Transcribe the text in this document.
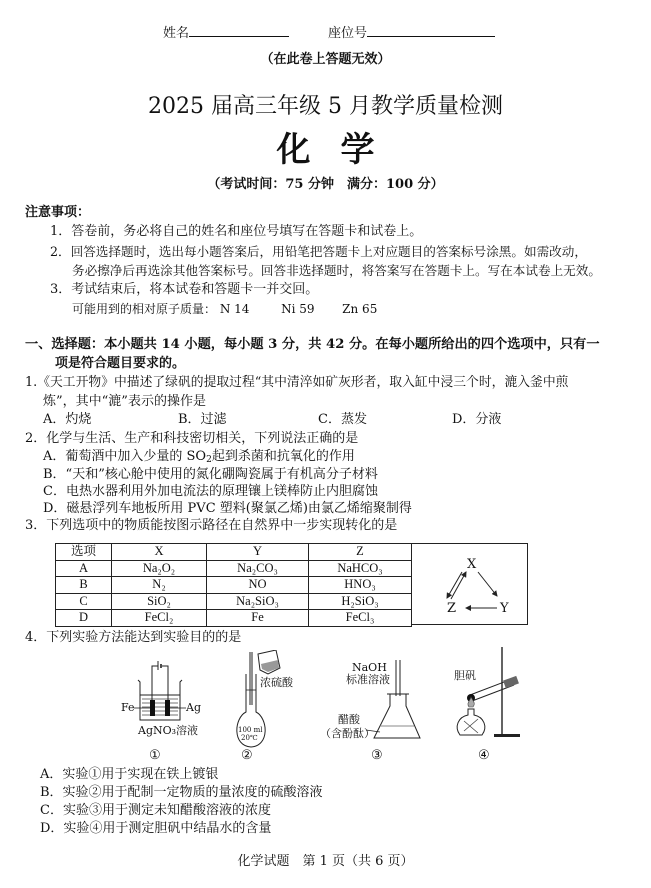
姓名	座位号
（在此卷上答题无效）
2025 届高三年级 5 月教学质量检测
化学
（考试时间：75 分钟　满分：100 分）
注意事项：
1．答卷前，务必将自己的姓名和座位号填写在答题卡和试卷上。
2．回答选择题时，选出每小题答案后，用铅笔把答题卡上对应题目的答案标号涂黑。如需改动，
务必擦净后再选涂其他答案标号。回答非选择题时，将答案写在答题卡上。写在本试卷上无效。
3．考试结束后，将本试卷和答题卡一并交回。
可能用到的相对原子质量： N 14	Ni 59 Zn 65
一、选择题：本小题共 14 小题，每小题 3 分，共 42 分。在每小题所给出的四个选项中，只有一
项是符合题目要求的。
1.《天工开物》中描述了绿矾的提取过程“其中清淬如矿灰形者，取入缸中浸三个时，漉入釜中煎
炼”，其中“漉”表示的操作是
A．灼烧	B．过滤	C．蒸发	D．分液
2．化学与生活、生产和科技密切相关，下列说法正确的是
A．葡萄酒中加入少量的 $SO_2$起到杀菌和抗氧化的作用
B．“天和”核心舱中使用的氮化硼陶瓷属于有机高分子材料
C．电热水器利用外加电流法的原理镶上镁棒防止内胆腐蚀
D．磁悬浮列车地板所用 PVC 塑料(聚氯乙烯)由氯乙烯缩聚制得
3．下列选项中的物质能按图示路径在自然界中一步实现转化的是
选项	X	Y	Z
A	Na₂O₂	Na₂CO₃	NaHCO₃
B	N₂	NO	HNO₃
C	SiO₂	Na₂SiO₃	H₂SiO₃
D	FeCl₂	Fe	FeCl₃
X
Y
Z
4．下列实验方法能达到实验目的的是
Fe	Ag
AgNO₃溶液
①
浓硫酸
100 ml
20℃
②
NaOH
标准溶液
醋酸
（含酚酞）
③
胆矾
④
A．实验①用于实现在铁上镀银
B．实验②用于配制一定物质的量浓度的硫酸溶液
C．实验③用于测定未知醋酸溶液的浓度
D．实验④用于测定胆矾中结晶水的含量
化学试题　第 1 页（共 6 页）
